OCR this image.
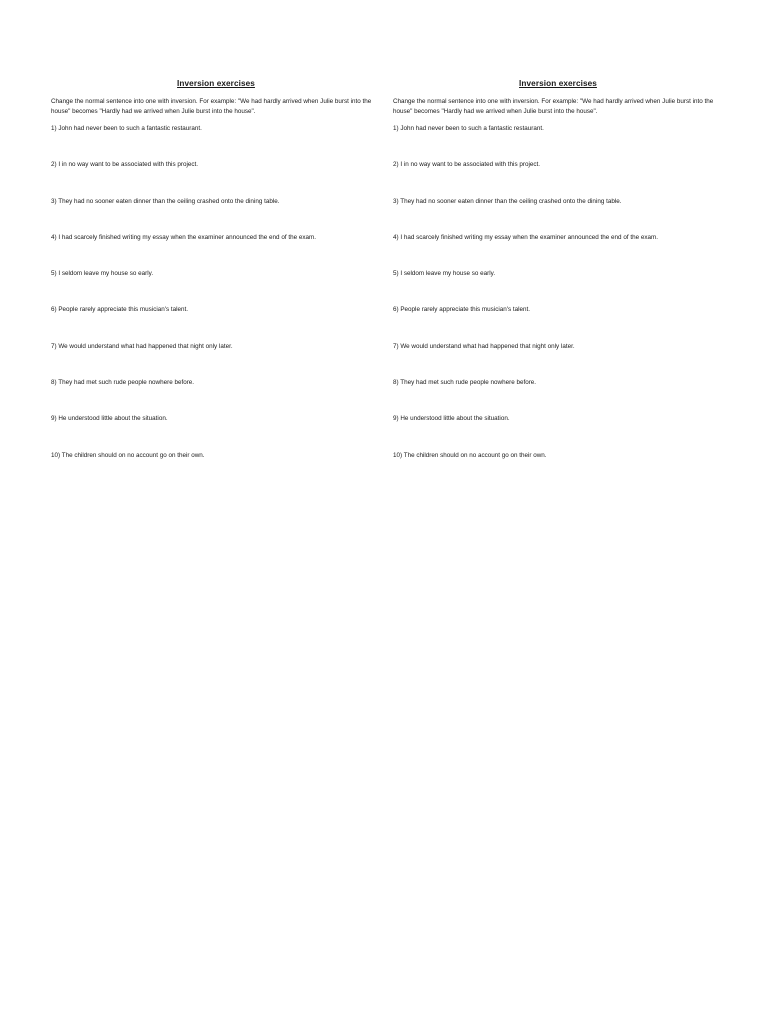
Inversion exercises
Change the normal sentence into one with inversion. For example: "We had hardly arrived when Julie burst into the house" becomes "Hardly had we arrived when Julie burst into the house".
1) John had never been to such a fantastic restaurant.
2) I in no way want to be associated with this project.
3) They had no sooner eaten dinner than the ceiling crashed onto the dining table.
4) I had scarcely finished writing my essay when the examiner announced the end of the exam.
5) I seldom leave my house so early.
6) People rarely appreciate this musician's talent.
7) We would understand what had happened that night only later.
8) They had met such rude people nowhere before.
9) He understood little about the situation.
10) The children should on no account go on their own.
Inversion exercises
Change the normal sentence into one with inversion. For example: "We had hardly arrived when Julie burst into the house" becomes "Hardly had we arrived when Julie burst into the house".
1) John had never been to such a fantastic restaurant.
2) I in no way want to be associated with this project.
3) They had no sooner eaten dinner than the ceiling crashed onto the dining table.
4) I had scarcely finished writing my essay when the examiner announced the end of the exam.
5) I seldom leave my house so early.
6) People rarely appreciate this musician's talent.
7) We would understand what had happened that night only later.
8) They had met such rude people nowhere before.
9) He understood little about the situation.
10) The children should on no account go on their own.
